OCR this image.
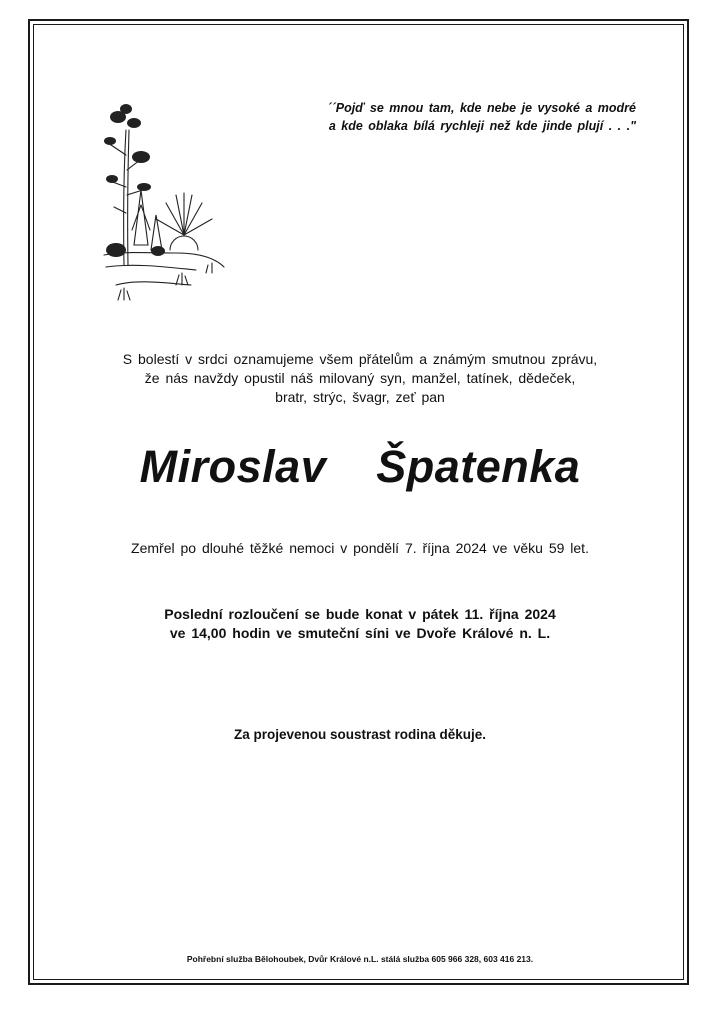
´´Pojď se mnou tam, kde nebe je vysoké a modré
a kde oblaka bílá rychleji než kde jinde plují . . ."
S bolestí v srdci oznamujeme všem přátelům a známým smutnou zprávu,
že nás navždy opustil náš milovaný syn, manžel, tatínek, dědeček,
bratr, strýc, švagr, zeť pan
Miroslav  Špatenka
Zemřel po dlouhé těžké nemoci v pondělí 7. října 2024 ve věku 59 let.
Poslední rozloučení se bude konat v pátek 11. října 2024
ve 14,00 hodin ve smuteční síni ve Dvoře Králové n. L.
Za projevenou soustrast rodina děkuje.
Pohřební služba Bělohoubek, Dvůr Králové n.L. stálá služba 605 966 328, 603 416 213.
